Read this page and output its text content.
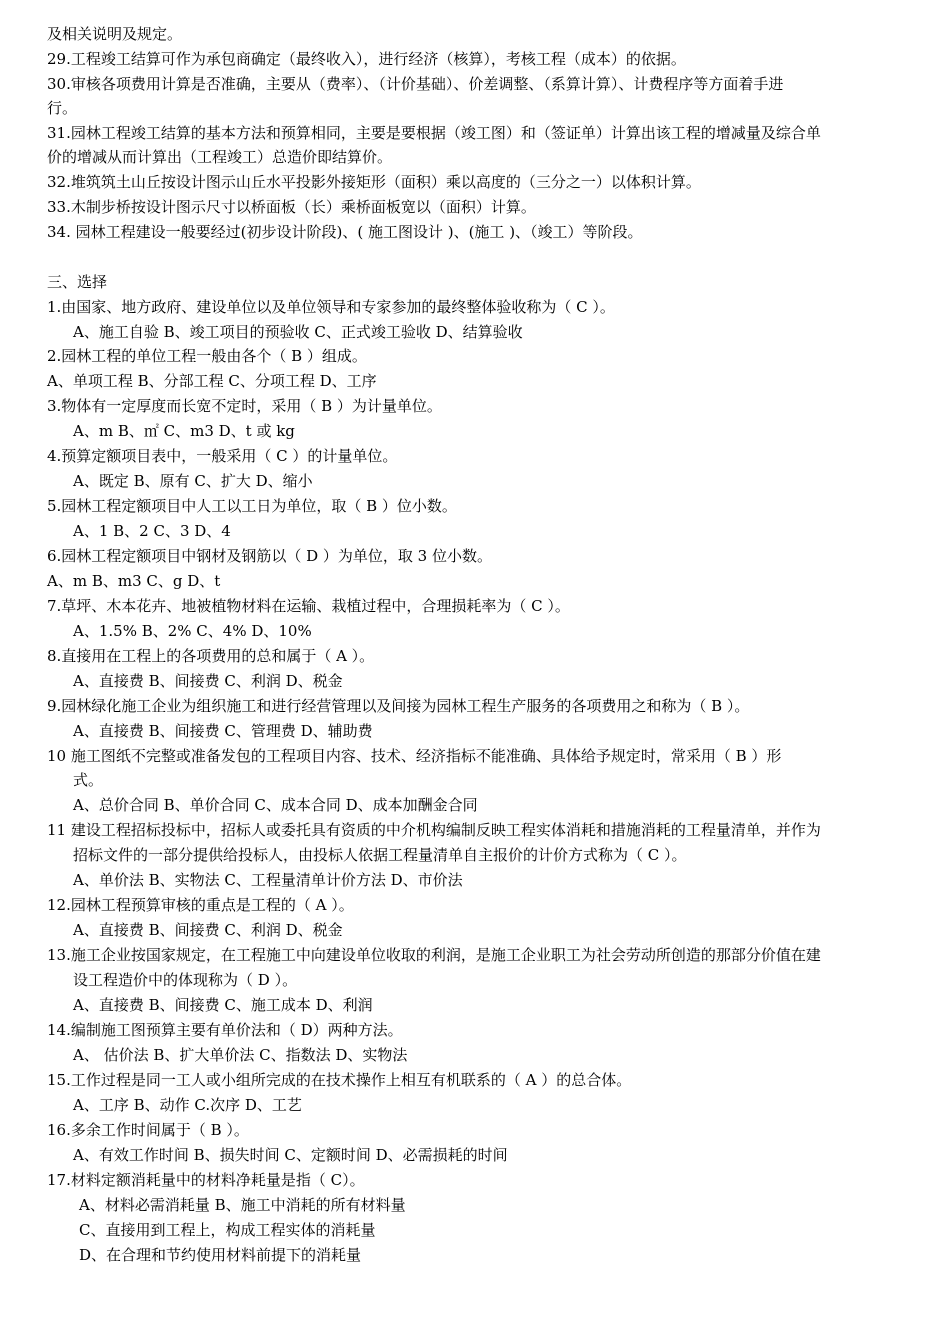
及相关说明及规定。
29.工程竣工结算可作为承包商确定（最终收入），进行经济（核算），考核工程（成本）的依据。
30.审核各项费用计算是否准确，主要从（费率）、（计价基础）、价差调整、（系算计算）、计费程序等方面着手进
行。
31.园林工程竣工结算的基本方法和预算相同，主要是要根据（竣工图）和（签证单）计算出该工程的增减量及综合单
价的增减从而计算出（工程竣工）总造价即结算价。
32.堆筑筑土山丘按设计图示山丘水平投影外接矩形（面积）乘以高度的（三分之一）以体积计算。
33.木制步桥按设计图示尺寸以桥面板（长）乘桥面板宽以（面积）计算。
34. 园林工程建设一般要经过(初步设计阶段)、( 施工图设计 )、(施工 )、（竣工）等阶段。
三、选择
1.由国家、地方政府、建设单位以及单位领导和专家参加的最终整体验收称为（ C ）。
A、施工自验 B、竣工项目的预验收 C、正式竣工验收 D、结算验收
2.园林工程的单位工程一般由各个（ B ）组成。
A、单项工程 B、分部工程 C、分项工程 D、工序
3.物体有一定厚度而长宽不定时，采用（ B ）为计量单位。
A、m B、㎡ C、m3 D、t 或 kg
4.预算定额项目表中，一般采用（ C ）的计量单位。
A、既定 B、原有 C、扩大 D、缩小
5.园林工程定额项目中人工以工日为单位，取（ B ）位小数。
A、1 B、2 C、3 D、4
6.园林工程定额项目中钢材及钢筋以（ D ）为单位，取 3 位小数。
A、m B、m3 C、g D、t
7.草坪、木本花卉、地被植物材料在运输、栽植过程中，合理损耗率为（ C ）。
A、1.5% B、2% C、4% D、10%
8.直接用在工程上的各项费用的总和属于（ A ）。
A、直接费 B、间接费 C、利润 D、税金
9.园林绿化施工企业为组织施工和进行经营管理以及间接为园林工程生产服务的各项费用之和称为（ B ）。
A、直接费 B、间接费 C、管理费 D、辅助费
10 施工图纸不完整或准备发包的工程项目内容、技术、经济指标不能准确、具体给予规定时，常采用（ B ）形
式。
A、总价合同 B、单价合同 C、成本合同 D、成本加酬金合同
11 建设工程招标投标中，招标人或委托具有资质的中介机构编制反映工程实体消耗和措施消耗的工程量清单，并作为
招标文件的一部分提供给投标人，由投标人依据工程量清单自主报价的计价方式称为（ C ）。
A、单价法 B、实物法 C、工程量清单计价方法 D、市价法
12.园林工程预算审核的重点是工程的（ A ）。
A、直接费 B、间接费 C、利润 D、税金
13.施工企业按国家规定，在工程施工中向建设单位收取的利润，是施工企业职工为社会劳动所创造的那部分价值在建
设工程造价中的体现称为（ D ）。
A、直接费 B、间接费 C、施工成本 D、利润
14.编制施工图预算主要有单价法和（ D）两种方法。
A、 估价法 B、扩大单价法 C、指数法 D、实物法
15.工作过程是同一工人或小组所完成的在技术操作上相互有机联系的（ A ）的总合体。
A、工序 B、动作 C.次序 D、工艺
16.多余工作时间属于（ B ）。
A、有效工作时间 B、损失时间 C、定额时间 D、必需损耗的时间
17.材料定额消耗量中的材料净耗量是指（ C）。
A、材料必需消耗量 B、施工中消耗的所有材料量
C、直接用到工程上，构成工程实体的消耗量
D、在合理和节约使用材料前提下的消耗量
